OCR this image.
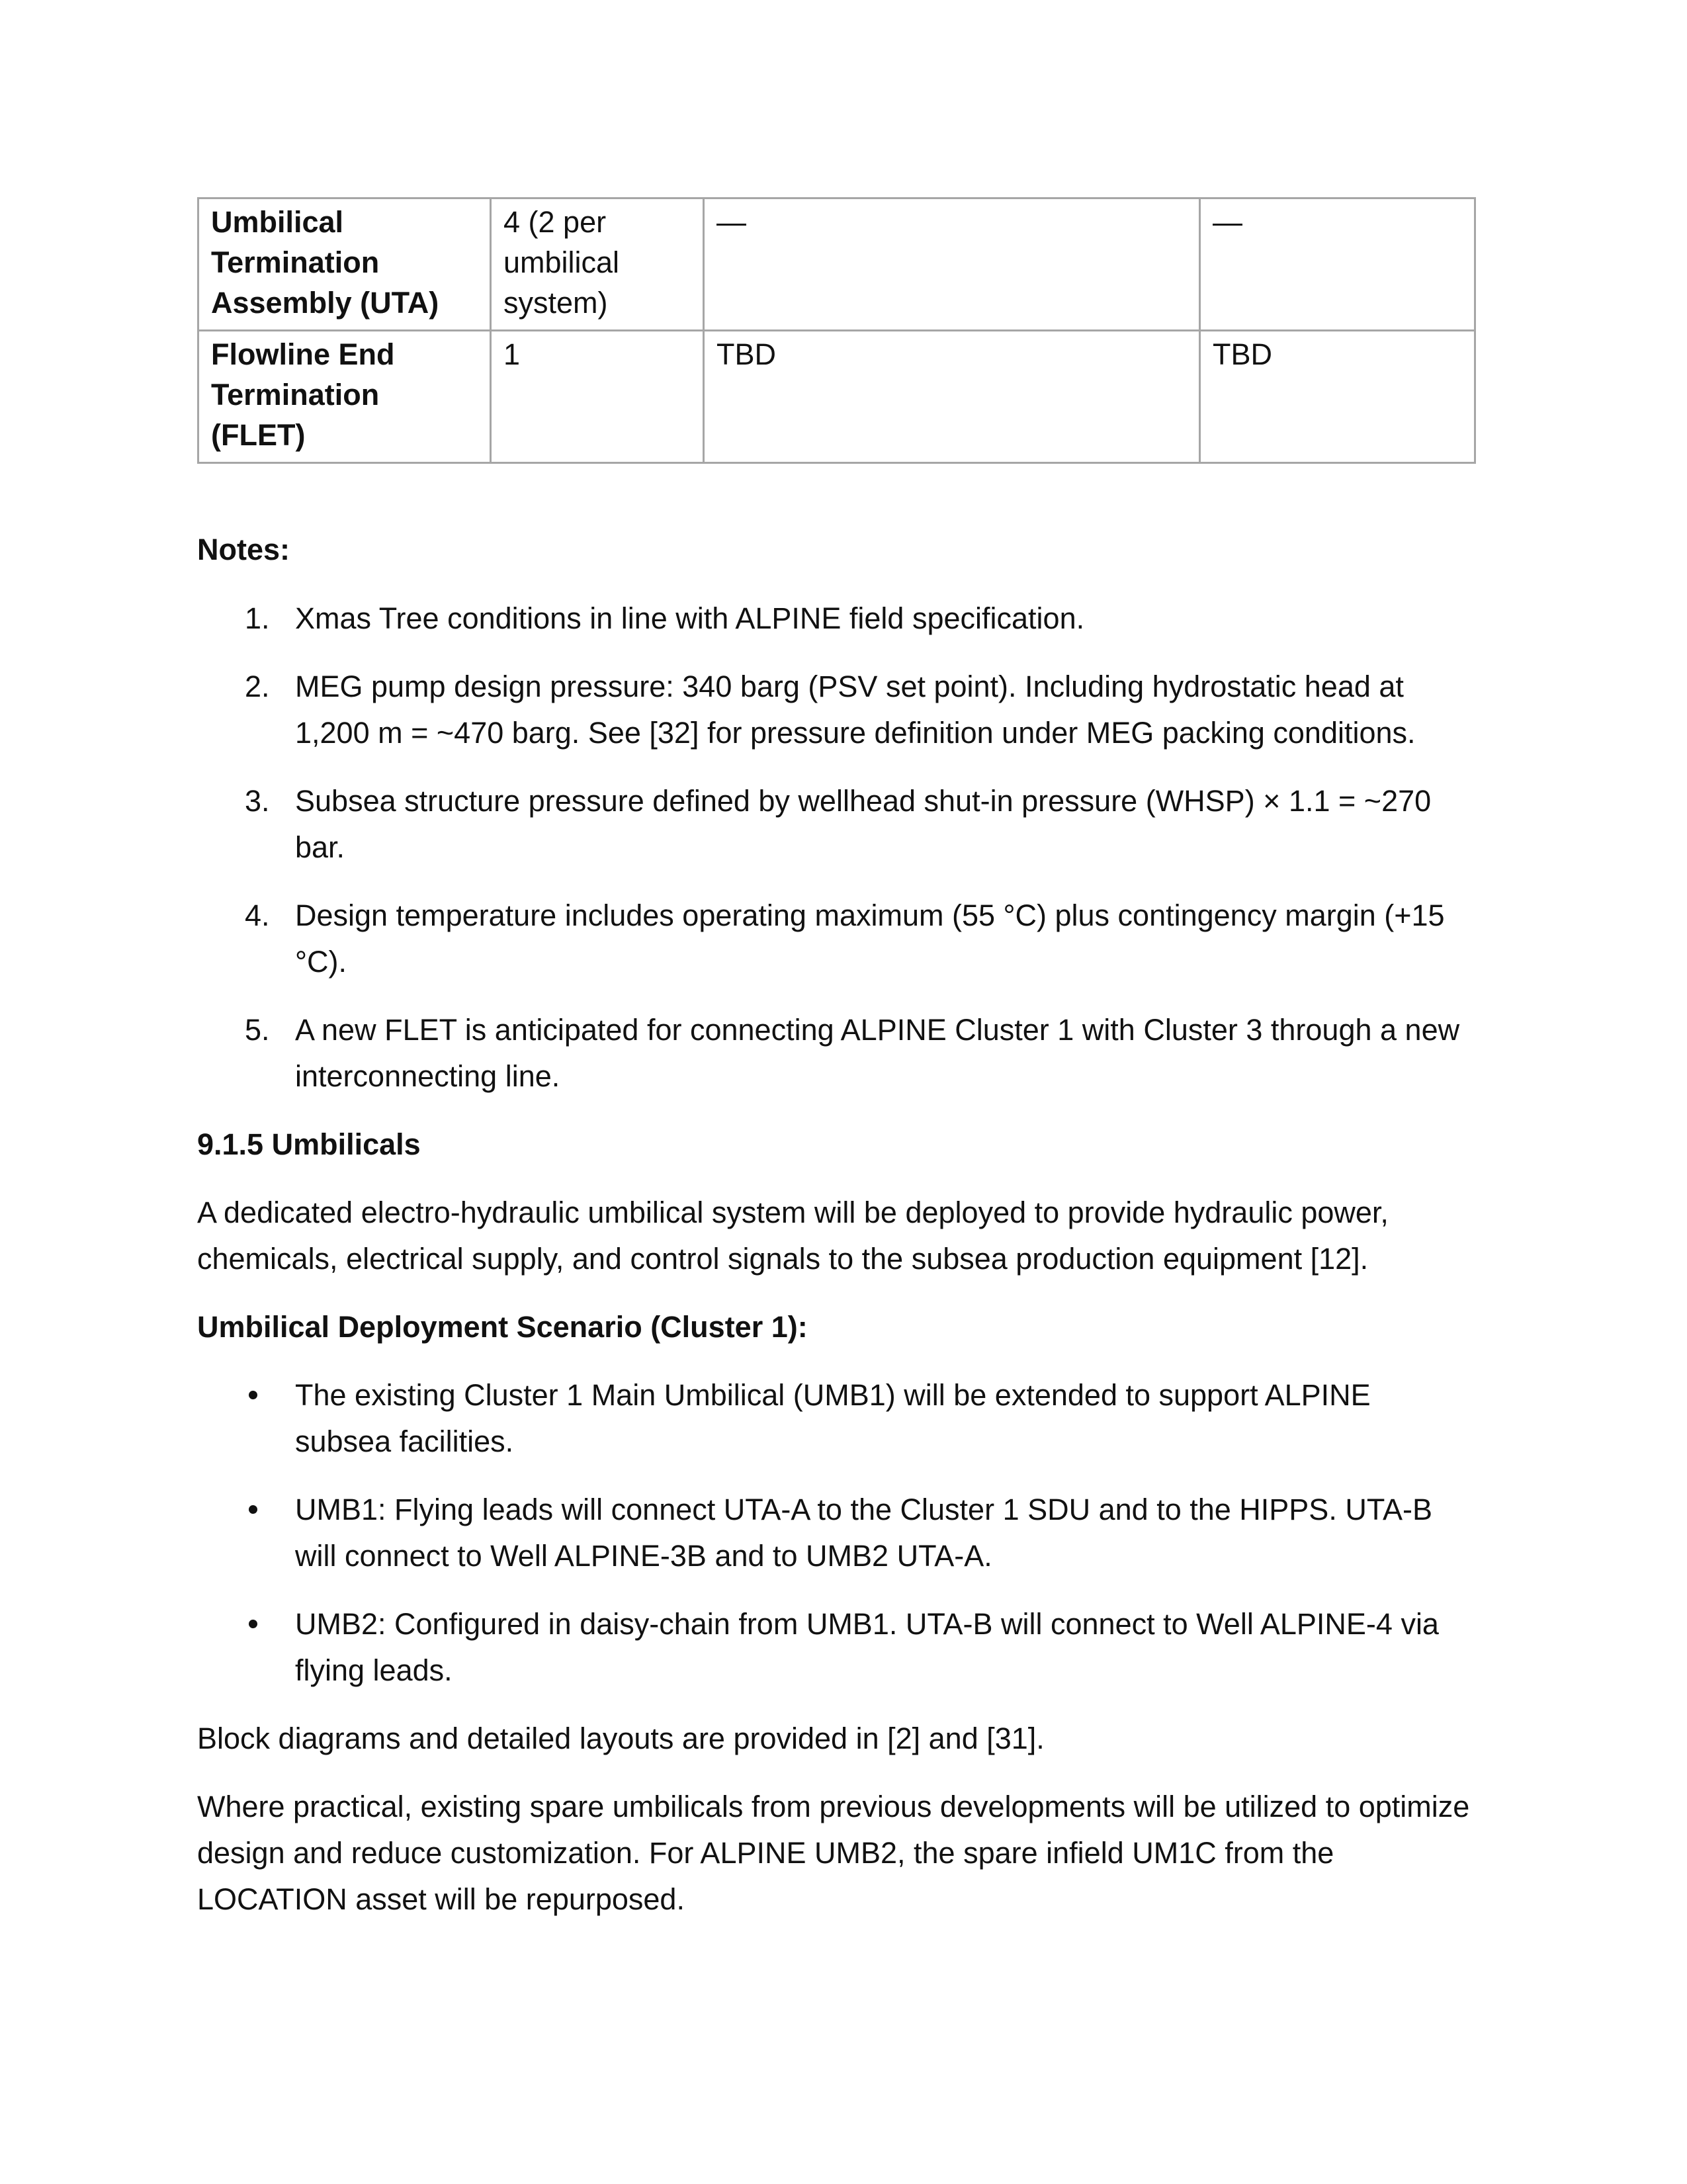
Umbilical Termination Assembly (UTA)	4 (2 per umbilical system)	—	—
Flowline End Termination (FLET)	1	TBD	TBD
Notes:
1. Xmas Tree conditions in line with ALPINE field specification.
2. MEG pump design pressure: 340 barg (PSV set point). Including hydrostatic head at 1,200 m = ~470 barg. See [32] for pressure definition under MEG packing conditions.
3. Subsea structure pressure defined by wellhead shut-in pressure (WHSP) × 1.1 = ~270 bar.
4. Design temperature includes operating maximum (55 °C) plus contingency margin (+15 °C).
5. A new FLET is anticipated for connecting ALPINE Cluster 1 with Cluster 3 through a new interconnecting line.
9.1.5 Umbilicals

A dedicated electro-hydraulic umbilical system will be deployed to provide hydraulic power, chemicals, electrical supply, and control signals to the subsea production equipment [12].

Umbilical Deployment Scenario (Cluster 1):
The existing Cluster 1 Main Umbilical (UMB1) will be extended to support ALPINE subsea facilities.
UMB1: Flying leads will connect UTA-A to the Cluster 1 SDU and to the HIPPS. UTA-B will connect to Well ALPINE-3B and to UMB2 UTA-A.
UMB2: Configured in daisy-chain from UMB1. UTA-B will connect to Well ALPINE-4 via flying leads.

Block diagrams and detailed layouts are provided in [2] and [31].

Where practical, existing spare umbilicals from previous developments will be utilized to optimize design and reduce customization. For ALPINE UMB2, the spare infield UM1C from the LOCATION asset will be repurposed.
